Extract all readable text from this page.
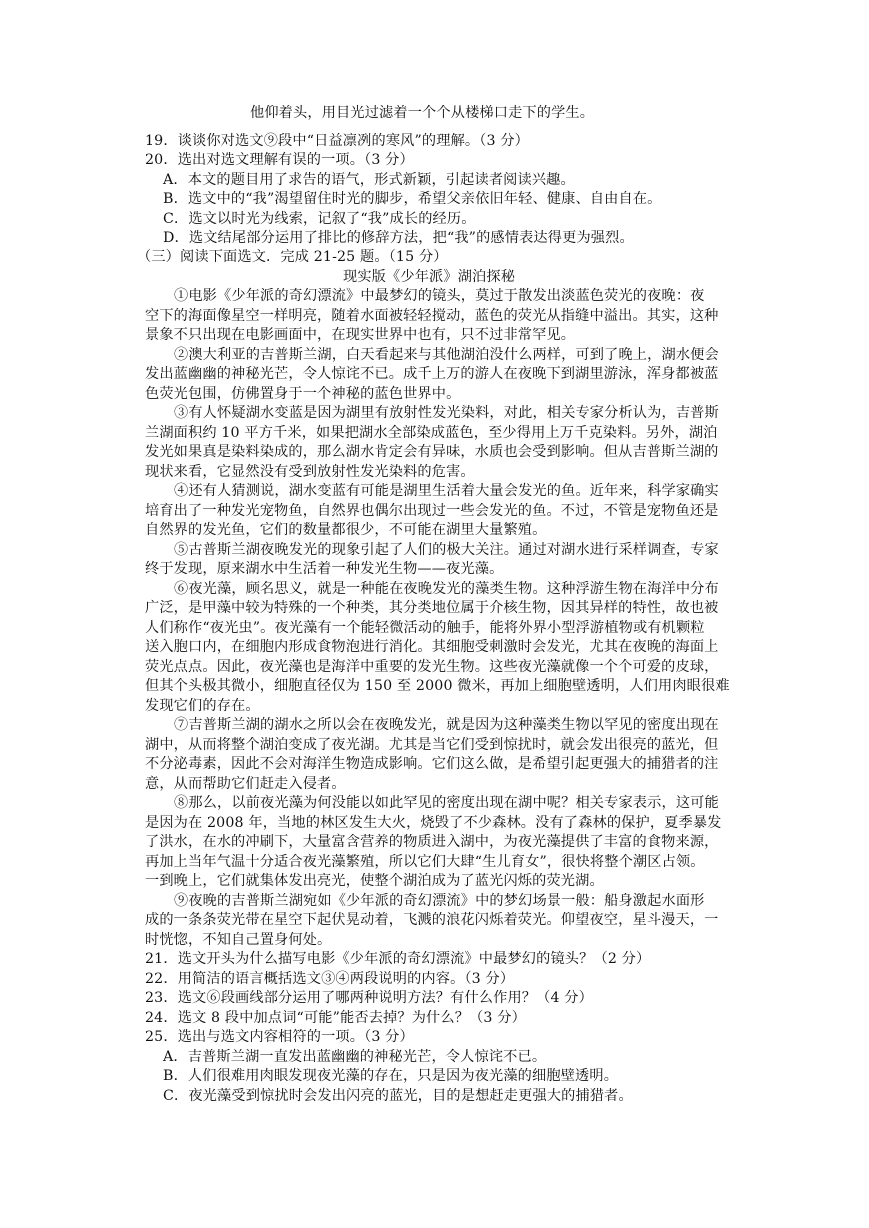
他仰着头，用目光过滤着一个个从楼梯口走下的学生。
19．谈谈你对选文⑨段中“日益凛冽的寒风”的理解。（3 分）
20．选出对选文理解有误的一项。（3 分）
A．本文的题目用了求告的语气，形式新颖，引起读者阅读兴趣。
B．选文中的“我”渴望留住时光的脚步，希望父亲依旧年轻、健康、自由自在。
C．选文以时光为线索，记叙了“我”成长的经历。
D．选文结尾部分运用了排比的修辞方法，把“我”的感情表达得更为强烈。
（三）阅读下面选文．完成 21-25 题。（15 分）
现实版《少年派》湖泊探秘
①电影《少年派的奇幻漂流》中最梦幻的镜头，莫过于散发出淡蓝色荧光的夜晚：夜
空下的海面像星空一样明亮，随着水面被轻轻搅动，蓝色的荧光从指缝中溢出。其实，这种
景象不只出现在电影画面中，在现实世界中也有，只不过非常罕见。
②澳大利亚的吉普斯兰湖，白天看起来与其他湖泊没什么两样，可到了晚上，湖水便会
发出蓝幽幽的神秘光芒，令人惊诧不已。成千上万的游人在夜晚下到湖里游泳，浑身都被蓝
色荧光包围，仿佛置身于一个神秘的蓝色世界中。
③有人怀疑湖水变蓝是因为湖里有放射性发光染料，对此，相关专家分析认为，吉普斯
兰湖面积约 10 平方千米，如果把湖水全部染成蓝色，至少得用上万千克染料。另外，湖泊
发光如果真是染料染成的，那么湖水肯定会有异味，水质也会受到影响。但从吉普斯兰湖的
现状来看，它显然没有受到放射性发光染料的危害。
④还有人猜测说，湖水变蓝有可能是湖里生活着大量会发光的鱼。近年来，科学家确实
培育出了一种发光宠物鱼，自然界也偶尔出现过一些会发光的鱼。不过，不管是宠物鱼还是
自然界的发光鱼，它们的数量都很少，不可能在湖里大量繁殖。
⑤古普斯兰湖夜晚发光的现象引起了人们的极大关注。通过对湖水进行采样调查，专家
终于发现，原来湖水中生活着一种发光生物——夜光藻。
⑥夜光藻，顾名思义，就是一种能在夜晚发光的藻类生物。这种浮游生物在海洋中分布
广泛，是甲藻中较为特殊的一个种类，其分类地位属于介核生物，因其异样的特性，故也被
人们称作“夜光虫”。夜光藻有一个能轻微活动的触手，能将外界小型浮游植物或有机颗粒
送入胞口内，在细胞内形成食物泡进行消化。其细胞受刺激时会发光，尤其在夜晚的海面上
荧光点点。因此，夜光藻也是海洋中重要的发光生物。这些夜光藻就像一个个可爱的皮球，
但其个头极其微小，细胞直径仅为 150 至 2000 微米，再加上细胞壁透明，人们用肉眼很难
发现它们的存在。
⑦吉普斯兰湖的湖水之所以会在夜晚发光，就是因为这种藻类生物以罕见的密度出现在
湖中，从而将整个湖泊变成了夜光湖。尤其是当它们受到惊扰时，就会发出很亮的蓝光，但
不分泌毒素，因此不会对海洋生物造成影响。它们这么做，是希望引起更强大的捕猎者的注
意，从而帮助它们赶走入侵者。
⑧那么，以前夜光藻为何没能以如此罕见的密度出现在湖中呢？相关专家表示，这可能
是因为在 2008 年，当地的林区发生大火，烧毁了不少森林。没有了森林的保护，夏季暴发
了洪水，在水的冲刷下，大量富含营养的物质进入湖中，为夜光藻提供了丰富的食物来源，
再加上当年气温十分适合夜光藻繁殖，所以它们大肆“生儿育女”，很快将整个潮区占领。
一到晚上，它们就集体发出亮光，使整个湖泊成为了蓝光闪烁的荧光湖。
⑨夜晚的吉普斯兰湖宛如《少年派的奇幻漂流》中的梦幻场景一般：船身激起水面形
成的一条条荧光带在星空下起伏晃动着，飞溅的浪花闪烁着荧光。仰望夜空，星斗漫天，一
时恍惚，不知自己置身何处。
21．选文开头为什么描写电影《少年派的奇幻漂流》中最梦幻的镜头？（2 分）
22．用简洁的语言概括选文③④两段说明的内容。（3 分）
23．选文⑥段画线部分运用了哪两种说明方法？有什么作用？（4 分）
24．选文 8 段中加点词“可能”能否去掉？为什么？（3 分）
25．选出与选文内容相符的一项。（3 分）
A．吉普斯兰湖一直发出蓝幽幽的神秘光芒，令人惊诧不已。
B．人们很难用肉眼发现夜光藻的存在，只是因为夜光藻的细胞壁透明。
C．夜光藻受到惊扰时会发出闪亮的蓝光，目的是想赶走更强大的捕猎者。
